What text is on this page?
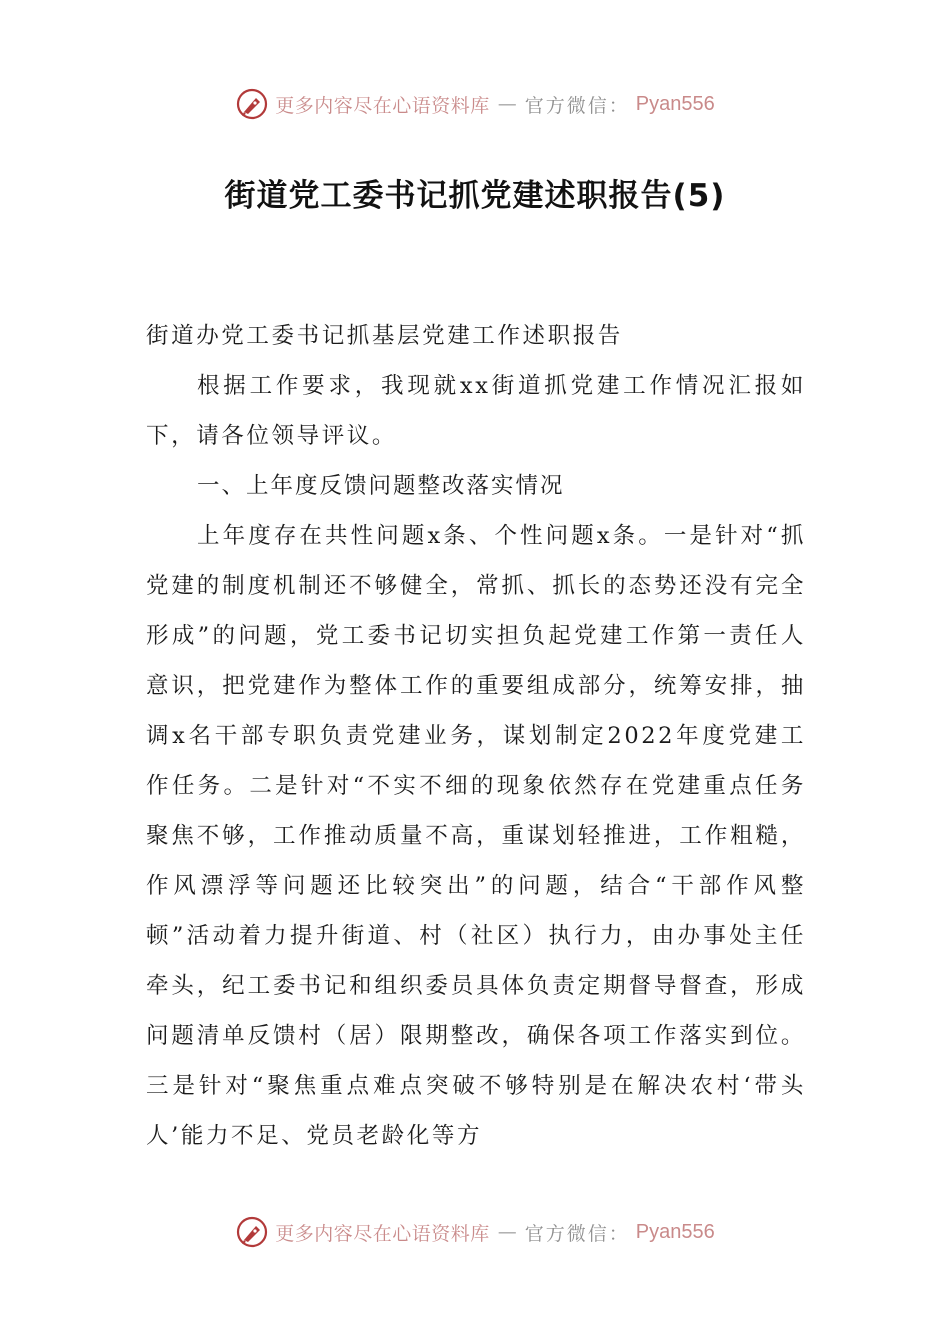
更多内容尽在心语资料库 — 官方微信： Pyan556
街道党工委书记抓党建述职报告(5)

街道办党工委书记抓基层党建工作述职报告

根据工作要求，我现就xx街道抓党建工作情况汇报如下，请各位领导评议。

一、上年度反馈问题整改落实情况

上年度存在共性问题x条、个性问题x条。一是针对“抓党建的制度机制还不够健全，常抓、抓长的态势还没有完全形成”的问题，党工委书记切实担负起党建工作第一责任人意识，把党建作为整体工作的重要组成部分，统筹安排，抽调x名干部专职负责党建业务，谋划制定2022年度党建工作任务。二是针对“不实不细的现象依然存在党建重点任务聚焦不够，工作推动质量不高，重谋划轻推进，工作粗糙，作风漂浮等问题还比较突出”的问题，结合“干部作风整顿”活动着力提升街道、村（社区）执行力，由办事处主任牵头，纪工委书记和组织委员具体负责定期督导督查，形成问题清单反馈村（居）限期整改，确保各项工作落实到位。三是针对“聚焦重点难点突破不够特别是在解决农村‘带头人’能力不足、党员老龄化等方

更多内容尽在心语资料库 — 官方微信： Pyan556
